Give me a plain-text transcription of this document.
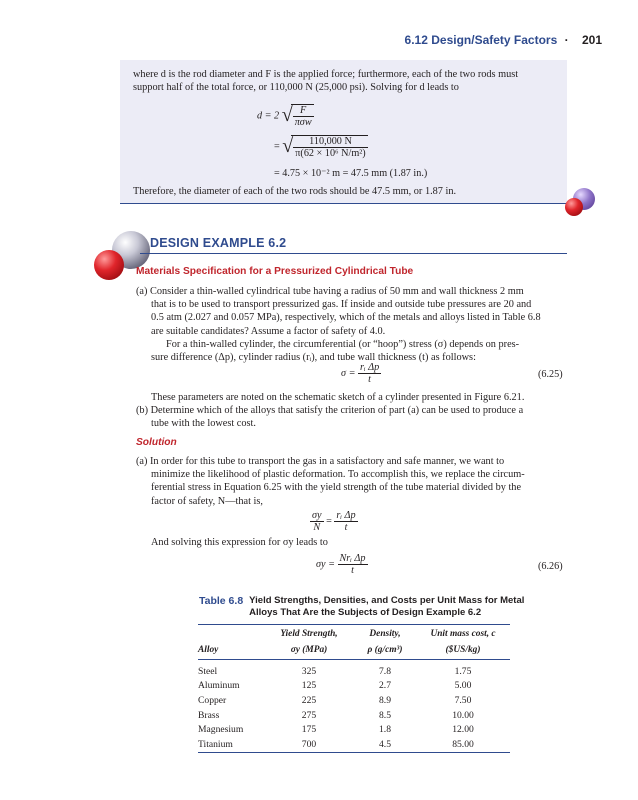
6.12 Design/Safety Factors · 201
where d is the rod diameter and F is the applied force; furthermore, each of the two rods must
support half of the total force, or 110,000 N (25,000 psi). Solving for d leads to
d = 2 √
$\frac{F}{\text{πσw}}$
= √
$\frac{110,000 N}{\text{π(62 × 10⁶ N/m²)}}$
= 4.75 × 10⁻² m = 47.5 mm (1.87 in.)
Therefore, the diameter of each of the two rods should be 47.5 mm, or 1.87 in.
DESIGN EXAMPLE 6.2
Materials Specification for a Pressurized Cylindrical Tube
(a) Consider a thin-walled cylindrical tube having a radius of 50 mm and wall thickness 2 mm
that is to be used to transport pressurized gas. If inside and outside tube pressures are 20 and
0.5 atm (2.027 and 0.057 MPa), respectively, which of the metals and alloys listed in Table 6.8
are suitable candidates? Assume a factor of safety of 4.0.
For a thin-walled cylinder, the circumferential (or “hoop”) stress (σ) depends on pres-
sure difference (Δp), cylinder radius (rᵢ), and tube wall thickness (t) as follows:
$\sigma = \frac{\text{rᵢ Δp}}{t}$	(6.25)
These parameters are noted on the schematic sketch of a cylinder presented in Figure 6.21.
(b) Determine which of the alloys that satisfy the criterion of part (a) can be used to produce a
tube with the lowest cost.
Solution
(a) In order for this tube to transport the gas in a satisfactory and safe manner, we want to
minimize the likelihood of plastic deformation. To accomplish this, we replace the circum-
ferential stress in Equation 6.25 with the yield strength of the tube material divided by the
factor of safety, N—that is,
$\frac{\sigma y}{N} = \frac{\text{rᵢ Δp}}{t}$
And solving this expression for σy leads to
$\sigma y = \frac{\text{Nrᵢ Δp}}{t}$	(6.26)
Table 6.8 Yield Strengths, Densities, and Costs per Unit Mass for Metal
Alloys That Are the Subjects of Design Example 6.2
	Yield Strength,	Density,	Unit mass cost, c
Alloy	σy (MPa)	ρ (g/cm³)	($US/kg)
Steel	325	7.8	1.75
Aluminum	125	2.7	5.00
Copper	225	8.9	7.50
Brass	275	8.5	10.00
Magnesium	175	1.8	12.00
Titanium	700	4.5	85.00
